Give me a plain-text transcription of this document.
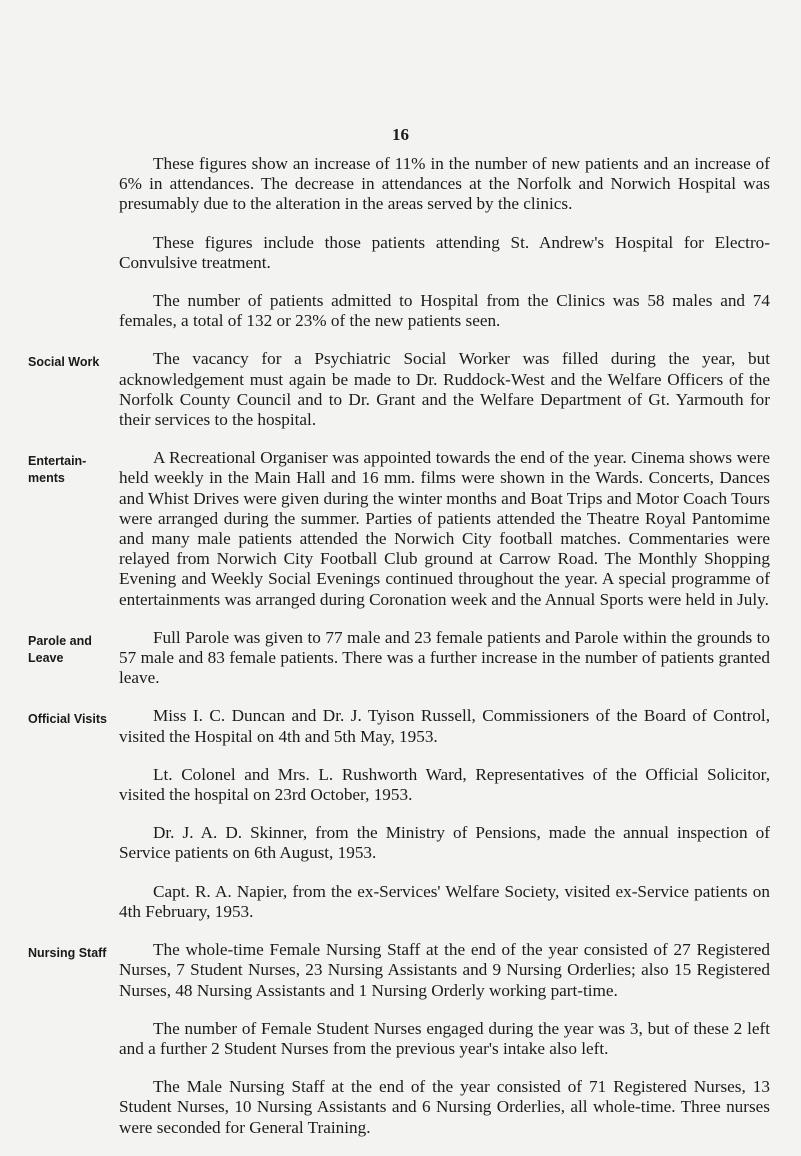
16

These figures show an increase of 11% in the number of new patients and an increase of 6% in attendances. The decrease in attendances at the Norfolk and Norwich Hospital was presumably due to the alteration in the areas served by the clinics.

These figures include those patients attending St. Andrew's Hospital for Electro-Convulsive treatment.

The number of patients admitted to Hospital from the Clinics was 58 males and 74 females, a total of 132 or 23% of the new patients seen.

Social Work	The vacancy for a Psychiatric Social Worker was filled during the year, but acknowledgement must again be made to Dr. Ruddock-West and the Welfare Officers of the Norfolk County Council and to Dr. Grant and the Welfare Department of Gt. Yarmouth for their services to the hospital.

Entertain-ments

A Recreational Organiser was appointed towards the end of the year. Cinema shows were held weekly in the Main Hall and 16 mm. films were shown in the Wards. Concerts, Dances and Whist Drives were given during the winter months and Boat Trips and Motor Coach Tours were arranged during the summer. Parties of patients attended the Theatre Royal Pantomime and many male patients attended the Norwich City football matches. Commentaries were relayed from Norwich City Football Club ground at Carrow Road. The Monthly Shopping Evening and Weekly Social Evenings continued throughout the year. A special programme of entertainments was arranged during Coronation week and the Annual Sports were held in July.

Parole and Leave

Full Parole was given to 77 male and 23 female patients and Parole within the grounds to 57 male and 83 female patients. There was a further increase in the number of patients granted leave.

Official Visits	Miss I. C. Duncan and Dr. J. Tyison Russell, Commissioners of the Board of Control, visited the Hospital on 4th and 5th May, 1953.

Lt. Colonel and Mrs. L. Rushworth Ward, Representatives of the Official Solicitor, visited the hospital on 23rd October, 1953.

Dr. J. A. D. Skinner, from the Ministry of Pensions, made the annual inspection of Service patients on 6th August, 1953.

Capt. R. A. Napier, from the ex-Services' Welfare Society, visited ex-Service patients on 4th February, 1953.

Nursing Staff	The whole-time Female Nursing Staff at the end of the year consisted of 27 Registered Nurses, 7 Student Nurses, 23 Nursing Assistants and 9 Nursing Orderlies; also 15 Registered Nurses, 48 Nursing Assistants and 1 Nursing Orderly working part-time.

The number of Female Student Nurses engaged during the year was 3, but of these 2 left and a further 2 Student Nurses from the previous year's intake also left.

The Male Nursing Staff at the end of the year consisted of 71 Registered Nurses, 13 Student Nurses, 10 Nursing Assistants and 6 Nursing Orderlies, all whole-time. Three nurses were seconded for General Training.
